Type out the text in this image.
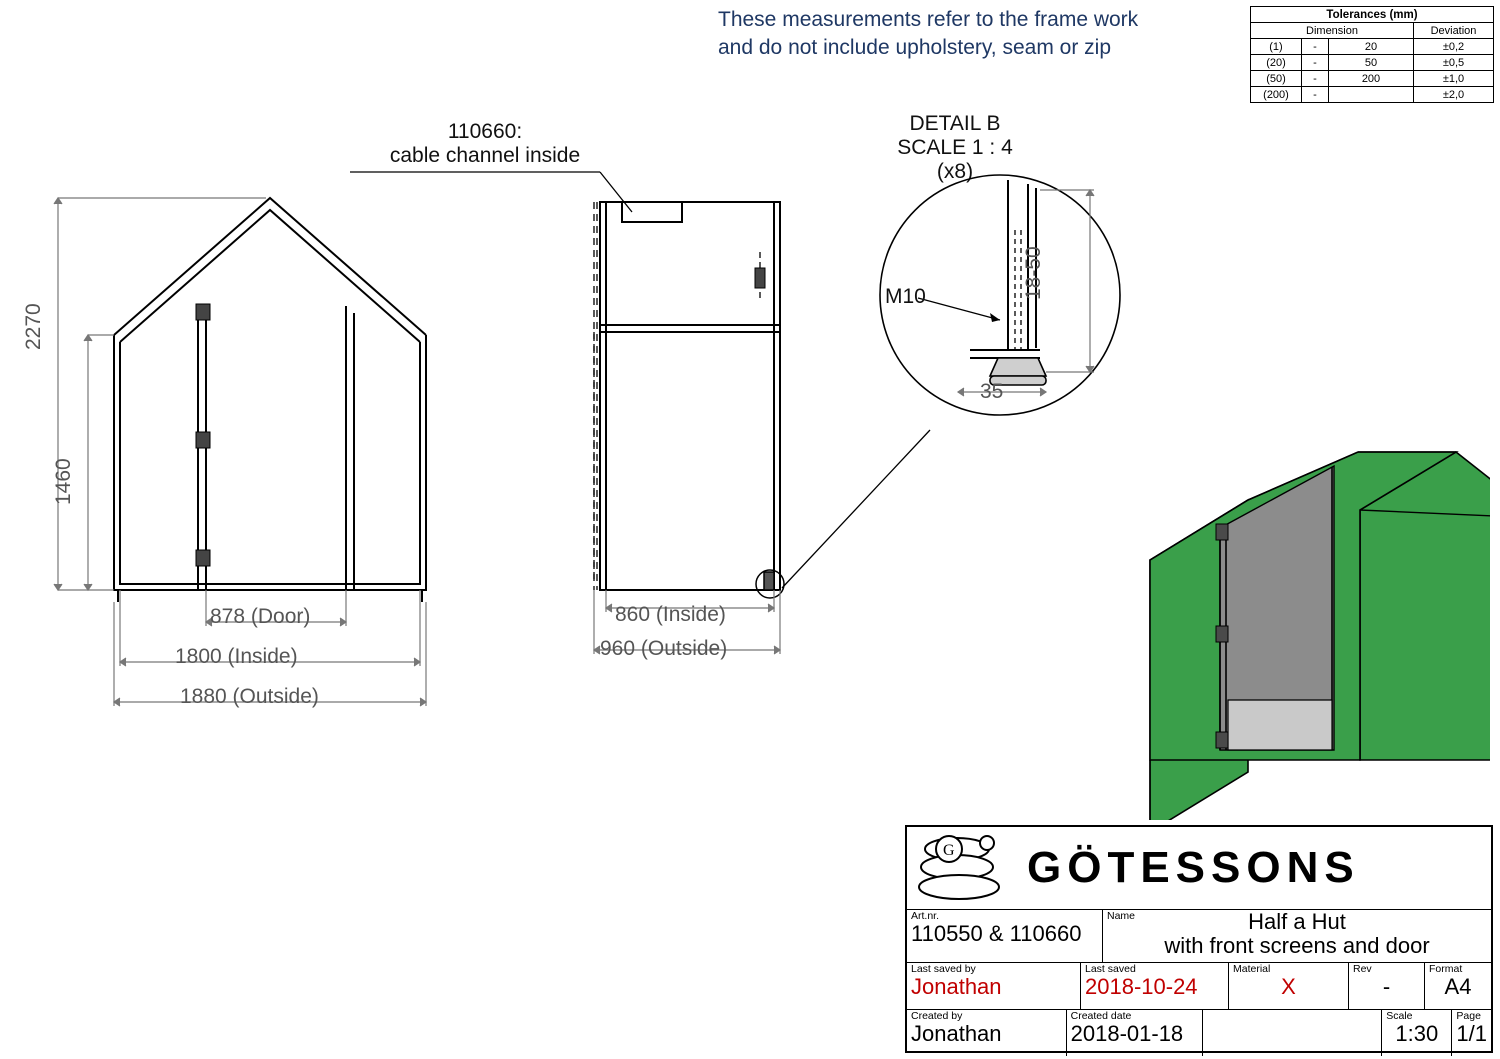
These measurements refer to the frame work
and do not include upholstery, seam or zip
Tolerances (mm)			
Dimension			Deviation
(1)	-	20	±0,2
(20)	-	50	±0,5
(50)	-	200	±1,0
(200)	-		±2,0
2270
1460
878 (Door)
1800 (Inside)
1880 (Outside)
110660:
cable channel inside
860 (Inside)
960 (Outside)
DETAIL B
SCALE 1 : 4
(x8)
M10	18-50
35
G GÖTESSONS
Art.nr.
110550 & 110660
Name	Half a Hut
with front screens and door
Last saved by
Jonathan
Last saved
2018-10-24
Material
X
Rev
-
Format
A4
Created by
Jonathan
Created date
2018-01-18
Scale
1:30
Page
1/1
